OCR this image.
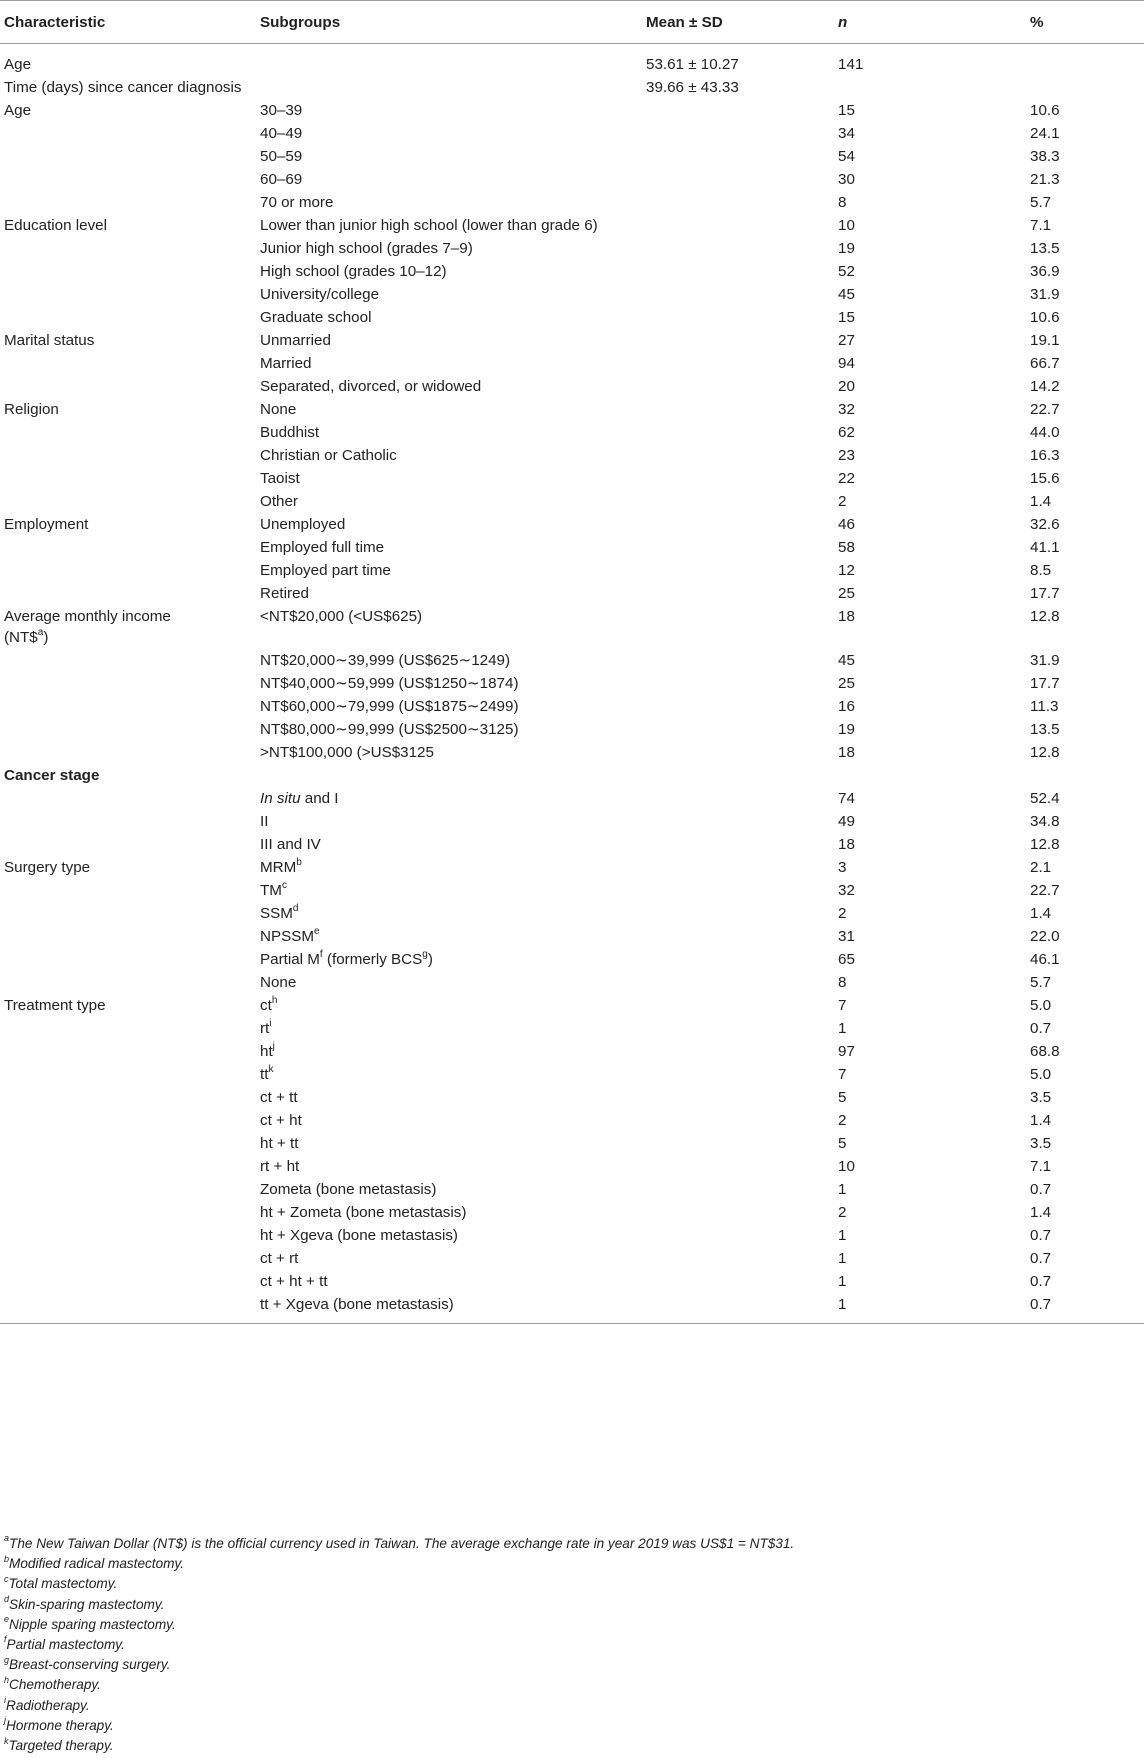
Characteristic	Subgroups	Mean ± SD	n	%
Age		53.61 ± 10.27	141	
Time (days) since cancer diagnosis		39.66 ± 43.33		
Age	30–39		15	10.6
	40–49		34	24.1
	50–59		54	38.3
	60–69		30	21.3
	70 or more		8	5.7
Education level	Lower than junior high school (lower than grade 6)		10	7.1
	Junior high school (grades 7–9)		19	13.5
	High school (grades 10–12)		52	36.9
	University/college		45	31.9
	Graduate school		15	10.6
Marital status	Unmarried		27	19.1
	Married		94	66.7
	Separated, divorced, or widowed		20	14.2
Religion	None		32	22.7
	Buddhist		62	44.0
	Christian or Catholic		23	16.3
	Taoist		22	15.6
	Other		2	1.4
Employment	Unemployed		46	32.6
	Employed full time		58	41.1
	Employed part time		12	8.5
	Retired		25	17.7
Average monthly income
(NT\$$^a$)	<NT$20,000 (<US$625)		18	12.8
	NT$20,000∼39,999 (US$625∼1249)		45	31.9
	NT$40,000∼59,999 (US$1250∼1874)		25	17.7
	NT$60,000∼79,999 (US$1875∼2499)		16	11.3
	NT$80,000∼99,999 (US$2500∼3125)		19	13.5
	>NT$100,000 (>US$3125		18	12.8
Cancer stage				
	In situ and I		74	52.4
	II		49	34.8
	III and IV		18	12.8
Surgery type	MRM$^b$		3	2.1
	$TM^c$		32	22.7
	SSM$^d$		2	1.4
	NPSSM$^e$		31	22.0
	Partial $M^f$ (formerly BCS$^g$)		65	46.1
	None		8	5.7
Treatment type	$ct^h$		7	5.0
	$rt^i$		1	0.7
	$ht^j$		97	68.8
	$tt^k$		7	5.0
	ct + tt		5	3.5
	ct + ht		2	1.4
	ht + tt		5	3.5
	rt + ht		10	7.1
	Zometa (bone metastasis)		1	0.7
	ht + Zometa (bone metastasis)		2	1.4
	ht + Xgeva (bone metastasis)		1	0.7
	ct + rt		1	0.7
	ct + ht + tt		1	0.7
	tt + Xgeva (bone metastasis)		1	0.7
$^a$The New Taiwan Dollar (NT$) is the official currency used in Taiwan. The average exchange rate in year 2019 was US$1 = NT$31.
$^b$Modified radical mastectomy.
$^c$Total mastectomy.
$^d$Skin-sparing mastectomy.
$^e$Nipple sparing mastectomy.
$^f$Partial mastectomy.
$^g$Breast-conserving surgery.
$^h$Chemotherapy.
$^i$Radiotherapy.
$^j$Hormone therapy.
$^k$Targeted therapy.
